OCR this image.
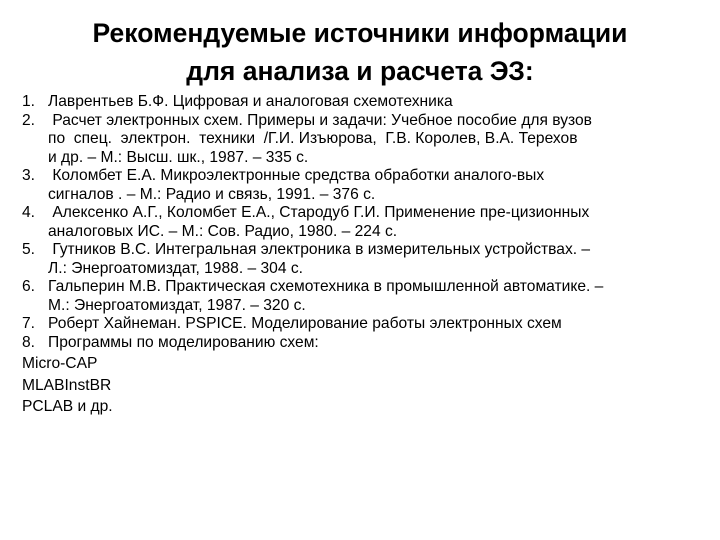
Рекомендуемые источники информации
для анализа и расчета ЭЗ:
1. Лаврентьев Б.Ф. Цифровая и аналоговая схемотехника
2. Расчет электронных схем. Примеры и задачи: Учебное пособие для вузов
по  спец.  электрон.  техники  /Г.И. Изъюрова,  Г.В. Королев, В.А. Терехов
и др. – М.: Высш. шк., 1987. – 335 с.
3. Коломбет Е.А. Микроэлектронные средства обработки аналого-вых
сигналов . – М.: Радио и связь, 1991. – 376 с.
4. Алексенко А.Г., Коломбет Е.А., Стародуб Г.И. Применение пре-цизионных
аналоговых ИС. – М.: Сов. Радио, 1980. – 224 с.
5. Гутников В.С. Интегральная электроника в измерительных устройствах. –
Л.: Энергоатомиздат, 1988. – 304 с.
6. Гальперин М.В. Практическая схемотехника в промышленной автоматике. –
М.: Энергоатомиздат, 1987. – 320 с.
7. Роберт Хайнеман. PSPICE. Моделирование работы электронных схем
8. Программы по моделированию схем:
Micro-CAP
MLABInstBR
PCLAB и др.
